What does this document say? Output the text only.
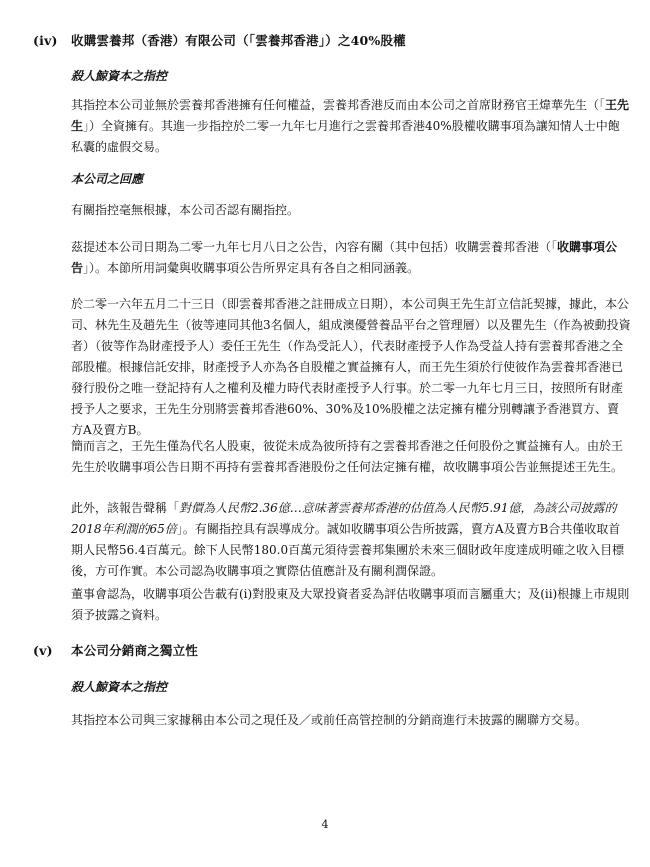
(iv) 收購雲養邦（香港）有限公司（「雲養邦香港」）之40%股權
殺人鯨資本之指控

其指控本公司並無於雲養邦香港擁有任何權益，雲養邦香港反而由本公司之首席財務官王煒華先生（「王先生」）全資擁有。其進一步指控於二零一九年七月進行之雲養邦香港40%股權收購事項為讓知情人士中飽私囊的虛假交易。

本公司之回應

有關指控毫無根據，本公司否認有關指控。

茲提述本公司日期為二零一九年七月八日之公告，內容有關（其中包括）收購雲養邦香港（「收購事項公告」）。本節所用詞彙與收購事項公告所界定具有各自之相同涵義。

於二零一六年五月二十三日（即雲養邦香港之註冊成立日期），本公司與王先生訂立信託契據，據此，本公司、林先生及趙先生（彼等連同其他3名個人，組成澳優營養品平台之管理層）以及瞿先生（作為被動投資者）（彼等作為財產授予人）委任王先生（作為受託人），代表財產授予人作為受益人持有雲養邦香港之全部股權。根據信託安排，財產授予人亦為各自股權之實益擁有人，而王先生須於行使彼作為雲養邦香港已發行股份之唯一登記持有人之權利及權力時代表財產授予人行事。於二零一九年七月三日，按照所有財產授予人之要求，王先生分別將雲養邦香港60%、30%及10%股權之法定擁有權分別轉讓予香港買方、賣方A及賣方B。

簡而言之，王先生僅為代名人股東，彼從未成為彼所持有之雲養邦香港之任何股份之實益擁有人。由於王先生於收購事項公告日期不再持有雲養邦香港股份之任何法定擁有權，故收購事項公告並無提述王先生。

此外，該報告聲稱「對價為人民幣2.36億…意味著雲養邦香港的估值為人民幣5.91億，為該公司披露的2018年利潤的65倍」。有關指控具有誤導成分。誠如收購事項公告所披露，賣方A及賣方B合共僅收取首期人民幣56.4百萬元。餘下人民幣180.0百萬元須待雲養邦集團於未來三個財政年度達成明確之收入目標後，方可作實。本公司認為收購事項之實際估值應計及有關利潤保證。

董事會認為，收購事項公告載有(i)對股東及大眾投資者妥為評估收購事項而言屬重大；及(ii)根據上市規則須予披露之資料。

(v) 本公司分銷商之獨立性
殺人鯨資本之指控

其指控本公司與三家據稱由本公司之現任及／或前任高管控制的分銷商進行未披露的關聯方交易。

4
